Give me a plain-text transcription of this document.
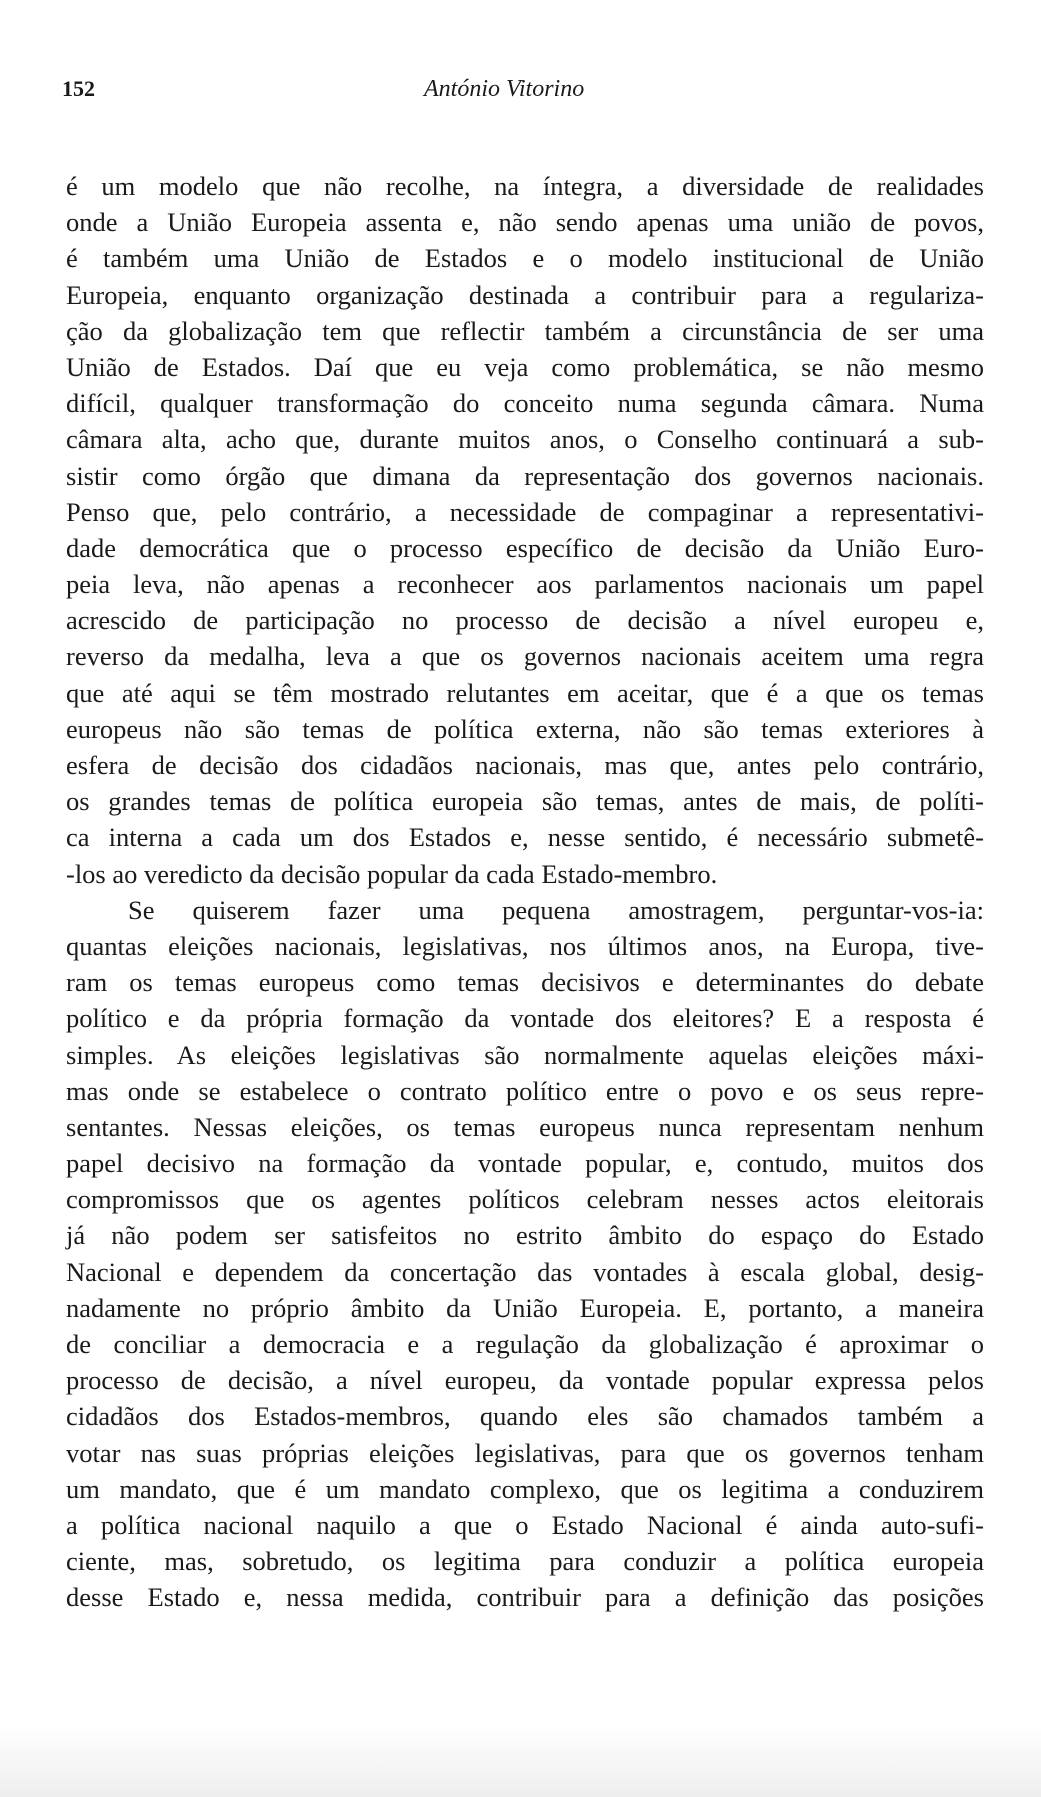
152	António Vitorino
é um modelo que não recolhe, na íntegra, a diversidade de realidades
onde a União Europeia assenta e, não sendo apenas uma união de povos,
é também uma União de Estados e o modelo institucional de União
Europeia, enquanto organização destinada a contribuir para a regulariza-
ção da globalização tem que reflectir também a circunstância de ser uma
União de Estados. Daí que eu veja como problemática, se não mesmo
difícil, qualquer transformação do conceito numa segunda câmara. Numa
câmara alta, acho que, durante muitos anos, o Conselho continuará a sub-
sistir como órgão que dimana da representação dos governos nacionais.
Penso que, pelo contrário, a necessidade de compaginar a representativi-
dade democrática que o processo específico de decisão da União Euro-
peia leva, não apenas a reconhecer aos parlamentos nacionais um papel
acrescido de participação no processo de decisão a nível europeu e,
reverso da medalha, leva a que os governos nacionais aceitem uma regra
que até aqui se têm mostrado relutantes em aceitar, que é a que os temas
europeus não são temas de política externa, não são temas exteriores à
esfera de decisão dos cidadãos nacionais, mas que, antes pelo contrário,
os grandes temas de política europeia são temas, antes de mais, de políti-
ca interna a cada um dos Estados e, nesse sentido, é necessário submetê-
-los ao veredicto da decisão popular da cada Estado-membro.
Se quiserem fazer uma pequena amostragem, perguntar-vos-ia:
quantas eleições nacionais, legislativas, nos últimos anos, na Europa, tive-
ram os temas europeus como temas decisivos e determinantes do debate
político e da própria formação da vontade dos eleitores? E a resposta é
simples. As eleições legislativas são normalmente aquelas eleições máxi-
mas onde se estabelece o contrato político entre o povo e os seus repre-
sentantes. Nessas eleições, os temas europeus nunca representam nenhum
papel decisivo na formação da vontade popular, e, contudo, muitos dos
compromissos que os agentes políticos celebram nesses actos eleitorais
já não podem ser satisfeitos no estrito âmbito do espaço do Estado
Nacional e dependem da concertação das vontades à escala global, desig-
nadamente no próprio âmbito da União Europeia. E, portanto, a maneira
de conciliar a democracia e a regulação da globalização é aproximar o
processo de decisão, a nível europeu, da vontade popular expressa pelos
cidadãos dos Estados-membros, quando eles são chamados também a
votar nas suas próprias eleições legislativas, para que os governos tenham
um mandato, que é um mandato complexo, que os legitima a conduzirem
a política nacional naquilo a que o Estado Nacional é ainda auto-sufi-
ciente, mas, sobretudo, os legitima para conduzir a política europeia
desse Estado e, nessa medida, contribuir para a definição das posições
